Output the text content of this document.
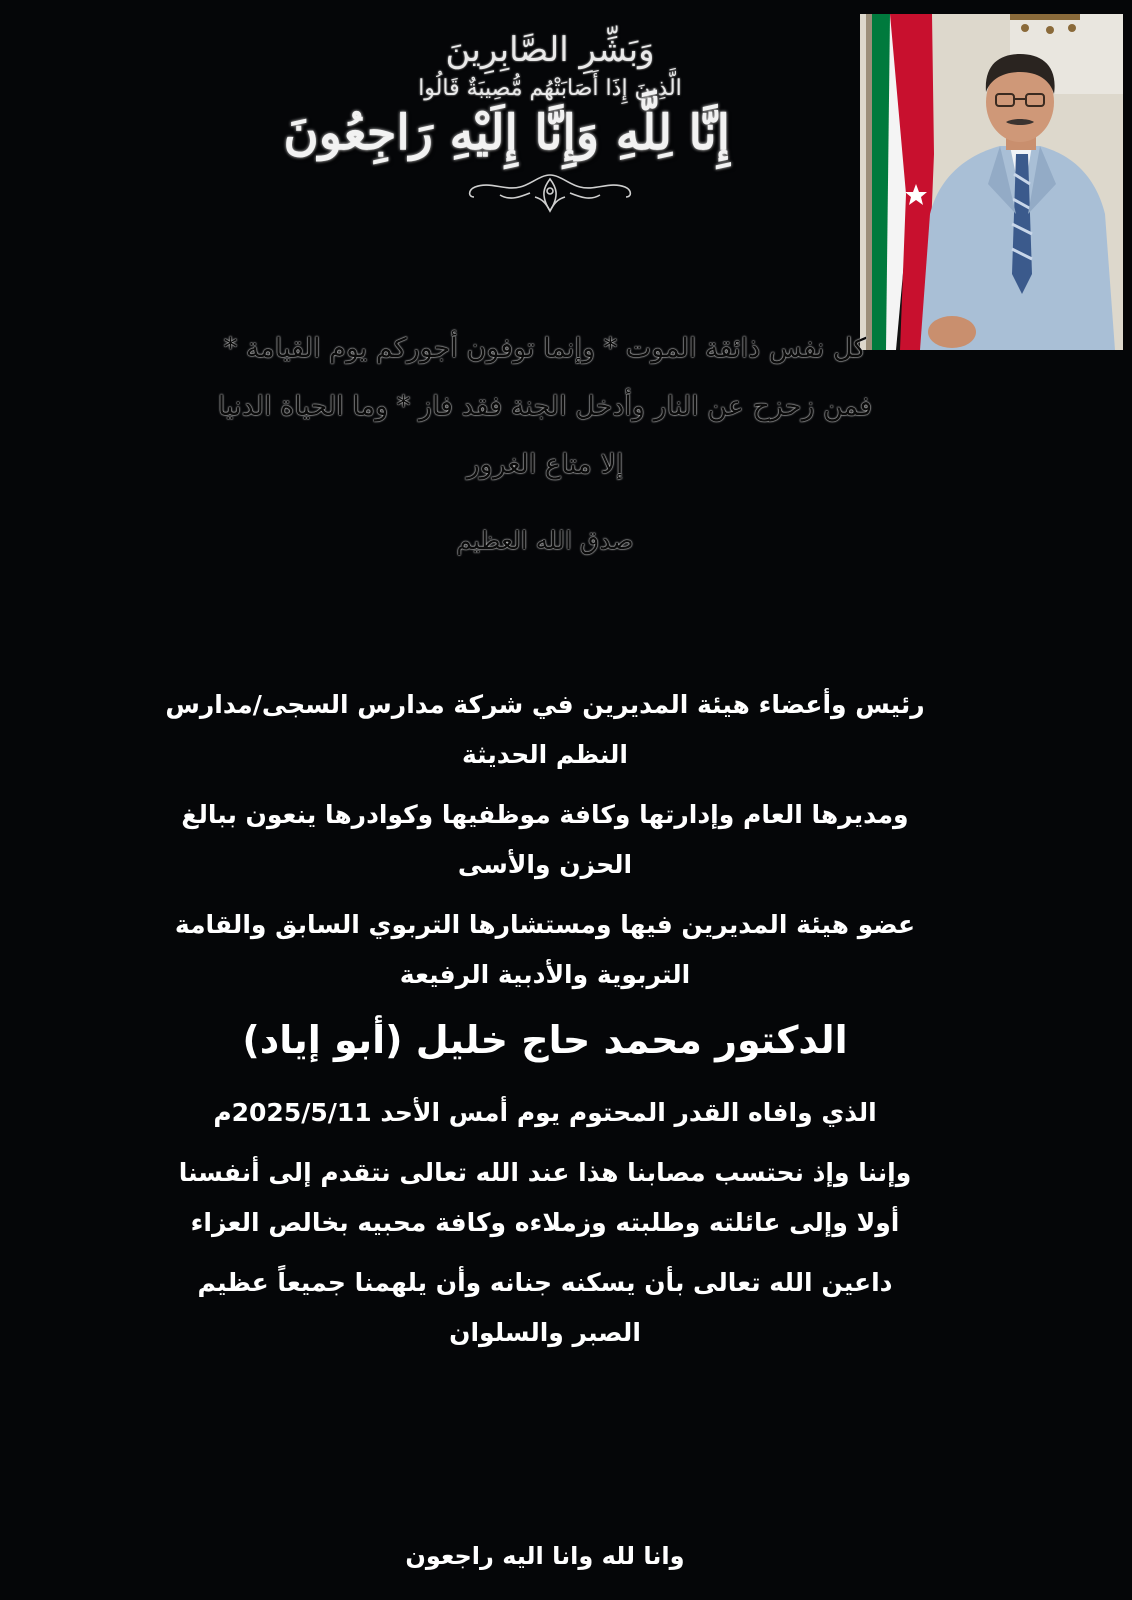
وَبَشِّرِ الصَّابِرِينَ
الَّذِينَ إِذَا أَصَابَتْهُم مُّصِيبَةٌ قَالُوا
إِنَّا لِلَّهِ وَإِنَّا إِلَيْهِ رَاجِعُونَ
كل نفس ذائقة الموت * وإنما توفون أجوركم يوم القيامة * فمن زحزح عن النار وأدخل الجنة فقد فاز * وما الحياة الدنيا إلا متاع الغرور
صدق الله العظيم
رئيس وأعضاء هيئة المديرين في شركة مدارس السجى/مدارس النظم الحديثة
ومديرها العام وإدارتها وكافة موظفيها وكوادرها ينعون ببالغ الحزن والأسى
عضو هيئة المديرين فيها ومستشارها التربوي السابق والقامة التربوية والأدبية الرفيعة
الدكتور محمد حاج خليل (أبو إياد)
الذي وافاه القدر المحتوم يوم أمس الأحد 2025/5/11م
وإننا وإذ نحتسب مصابنا هذا عند الله تعالى نتقدم إلى أنفسنا أولا وإلى عائلته وطلبته وزملاءه وكافة محبيه بخالص العزاء
داعين الله تعالى بأن يسكنه جنانه وأن يلهمنا جميعاً عظيم الصبر والسلوان
وانا لله وانا اليه راجعون
